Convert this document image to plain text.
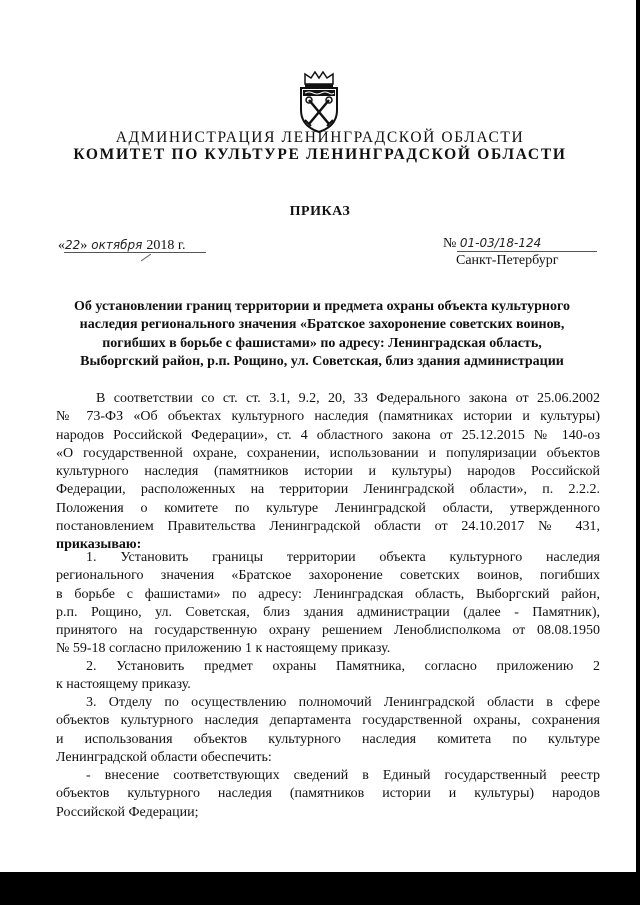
АДМИНИСТРАЦИЯ ЛЕНИНГРАДСКОЙ ОБЛАСТИ
КОМИТЕТ ПО КУЛЬТУРЕ ЛЕНИНГРАДСКОЙ ОБЛАСТИ
ПРИКАЗ
«22» октября 2018 г.	№ 01-03/18-124
Санкт-Петербург
Об установлении границ территории и предмета охраны объекта культурного
наследия регионального значения «Братское захоронение советских воинов,
погибших в борьбе с фашистами» по адресу: Ленинградская область,
Выборгский район, р.п. Рощино, ул. Советская, близ здания администрации
В соответствии со ст. ст. 3.1, 9.2, 20, 33 Федерального закона от 25.06.2002
№ 73-ФЗ «Об объектах культурного наследия (памятниках истории и культуры)
народов Российской Федерации», ст. 4 областного закона от 25.12.2015 № 140-оз
«О государственной охране, сохранении, использовании и популяризации объектов
культурного наследия (памятников истории и культуры) народов Российской
Федерации, расположенных на территории Ленинградской области», п. 2.2.2.
Положения о комитете по культуре Ленинградской области, утвержденного
постановлением Правительства Ленинградской области от 24.10.2017 № 431,
приказываю:
1. Установить границы территории объекта культурного наследия
регионального значения «Братское захоронение советских воинов, погибших
в борьбе с фашистами» по адресу: Ленинградская область, Выборгский район,
р.п. Рощино, ул. Советская, близ здания администрации (далее - Памятник),
принятого на государственную охрану решением Леноблисполкома от 08.08.1950
№ 59-18 согласно приложению 1 к настоящему приказу.
2. Установить предмет охраны Памятника, согласно приложению 2
к настоящему приказу.
3. Отделу по осуществлению полномочий Ленинградской области в сфере
объектов культурного наследия департамента государственной охраны, сохранения
и использования объектов культурного наследия комитета по культуре
Ленинградской области обеспечить:
- внесение соответствующих сведений в Единый государственный реестр
объектов культурного наследия (памятников истории и культуры) народов
Российской Федерации;
